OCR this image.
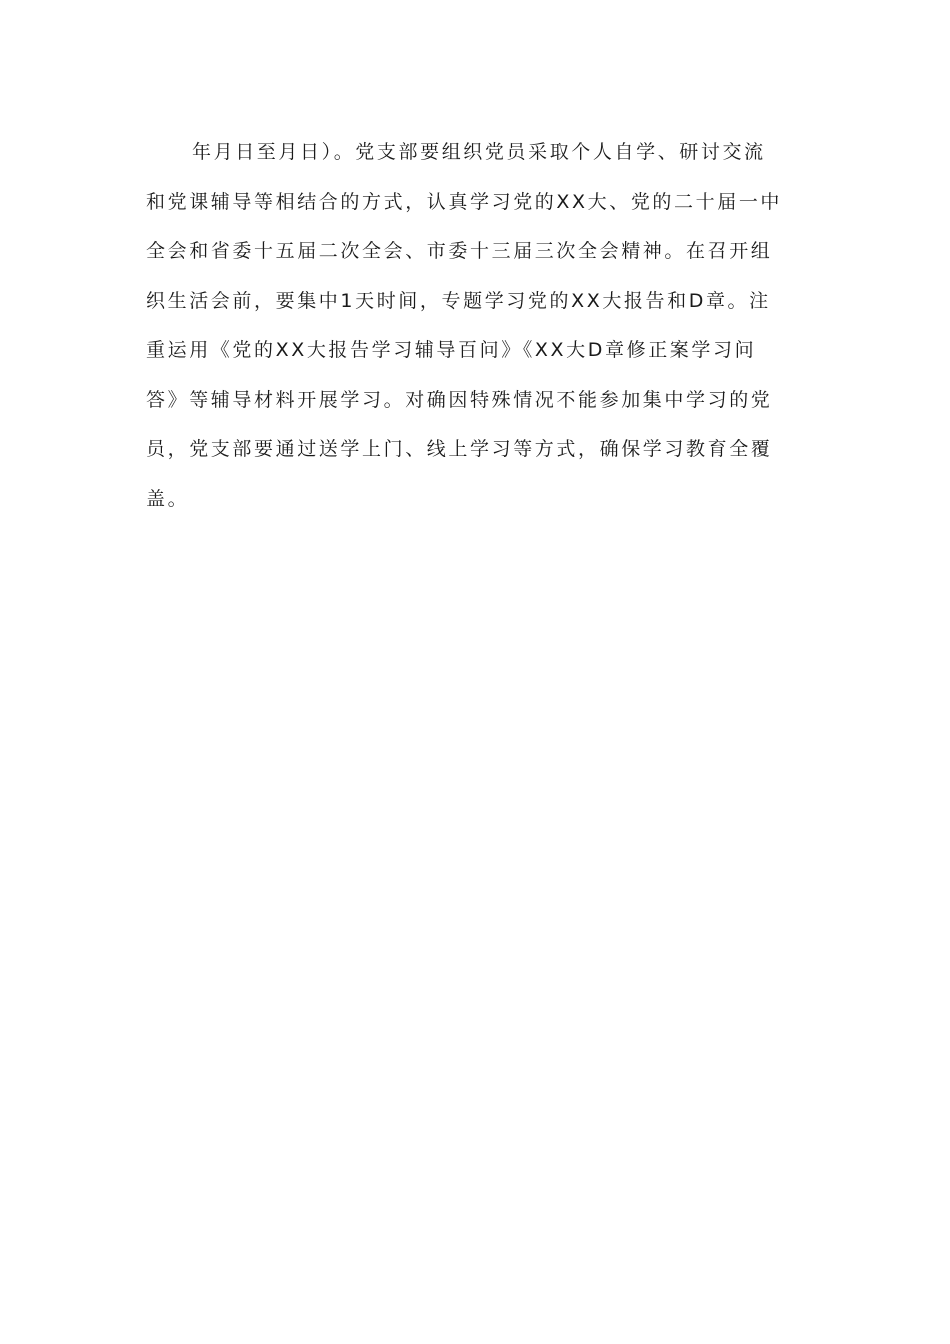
年月日至月日）。党支部要组织党员采取个人自学、研讨交流
和党课辅导等相结合的方式，认真学习党的XX大、党的二十届一中
全会和省委十五届二次全会、市委十三届三次全会精神。在召开组
织生活会前，要集中1天时间，专题学习党的XX大报告和D章。注
重运用《党的XX大报告学习辅导百问》《XX大D章修正案学习问
答》等辅导材料开展学习。对确因特殊情况不能参加集中学习的党
员，党支部要通过送学上门、线上学习等方式，确保学习教育全覆
盖。
